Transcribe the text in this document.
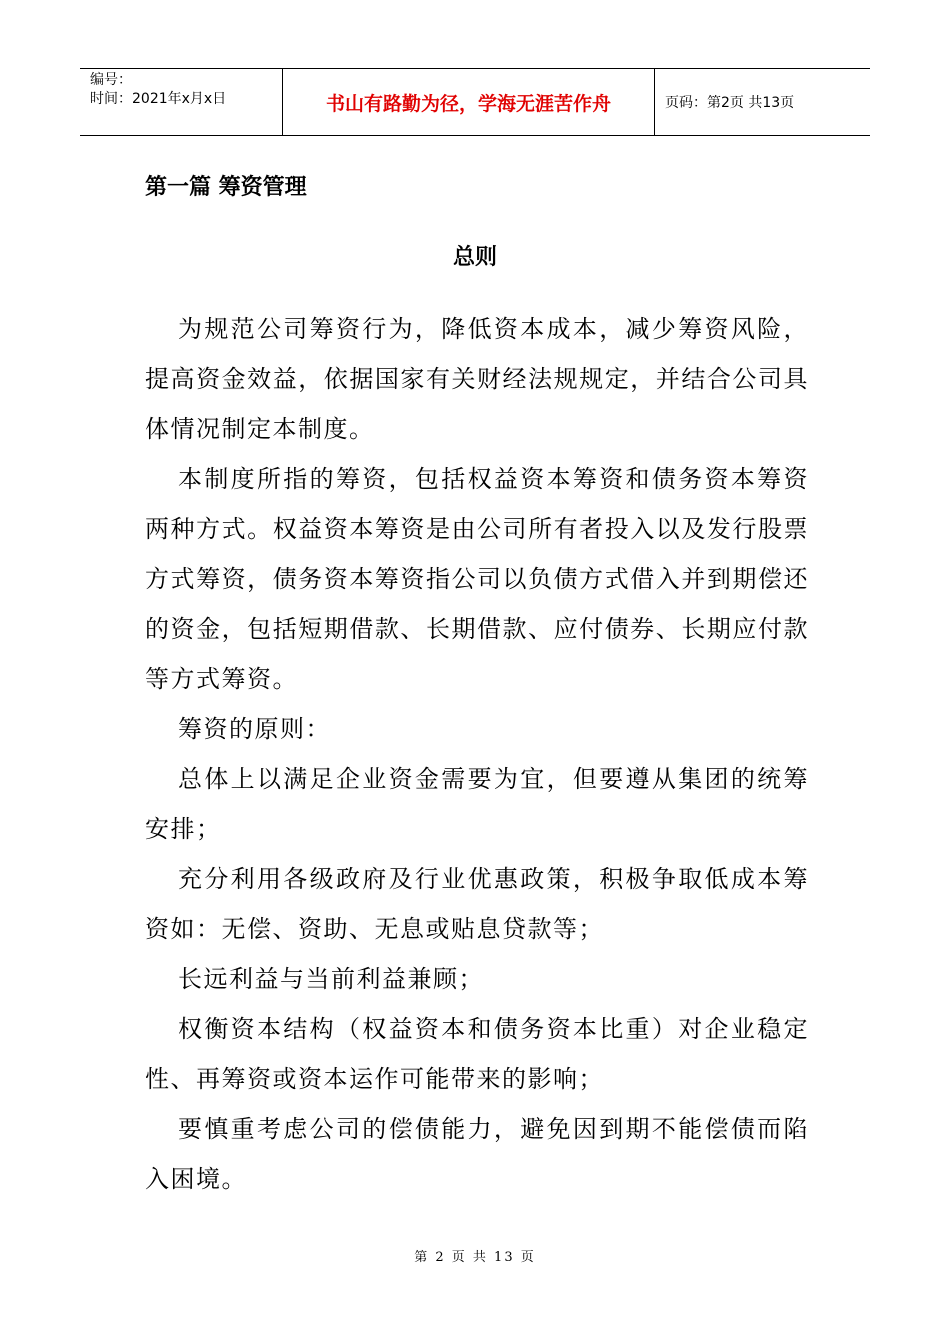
编号：
时间：2021年x月x日	书山有路勤为径，学海无涯苦作舟	页码：第2页 共13页
第一篇 筹资管理
总则

为规范公司筹资行为，降低资本成本，减少筹资风险，提高资金效益，依据国家有关财经法规规定，并结合公司具体情况制定本制度。

本制度所指的筹资，包括权益资本筹资和债务资本筹资两种方式。权益资本筹资是由公司所有者投入以及发行股票方式筹资，债务资本筹资指公司以负债方式借入并到期偿还的资金，包括短期借款、长期借款、应付债券、长期应付款等方式筹资。

筹资的原则：

总体上以满足企业资金需要为宜，但要遵从集团的统筹安排；

充分利用各级政府及行业优惠政策，积极争取低成本筹资如：无偿、资助、无息或贴息贷款等；

长远利益与当前利益兼顾；

权衡资本结构（权益资本和债务资本比重）对企业稳定性、再筹资或资本运作可能带来的影响；

要慎重考虑公司的偿债能力，避免因到期不能偿债而陷入困境。

第 2 页 共 13 页
